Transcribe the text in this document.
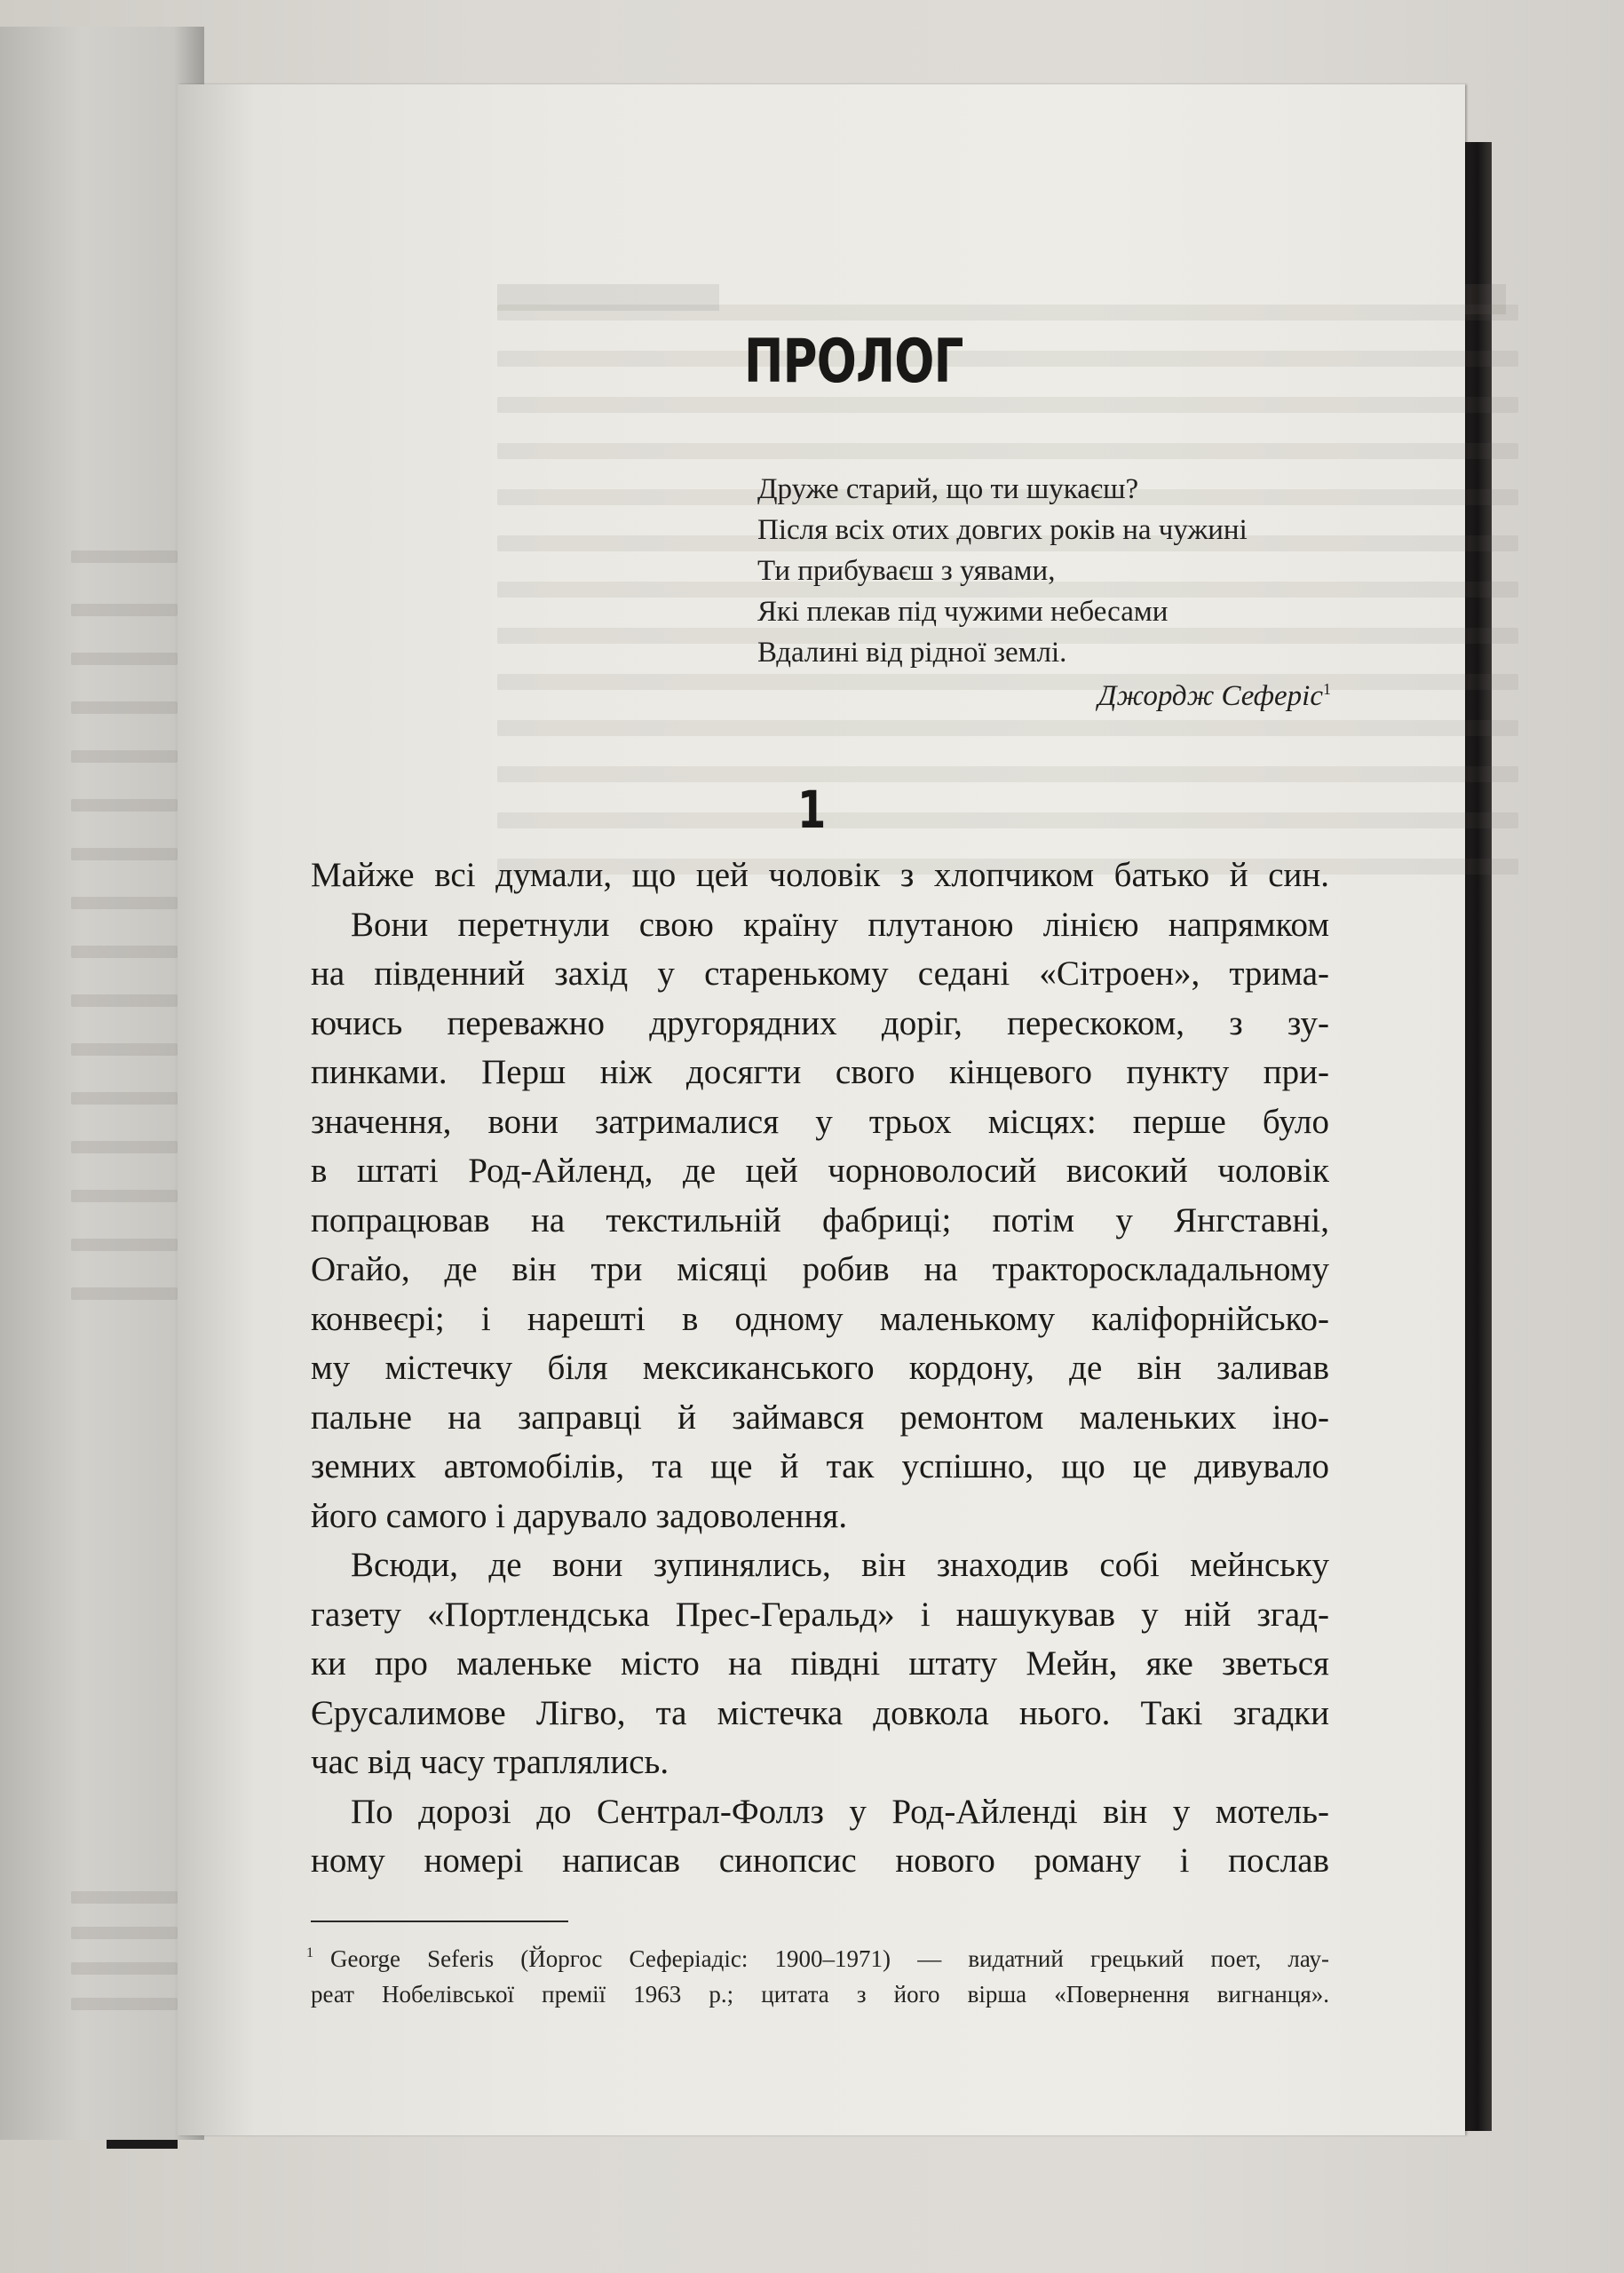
ПРОЛОГ
Друже старий, що ти шукаєш?
Після всіх отих довгих років на чужині
Ти прибуваєш з уявами,
Які плекав під чужими небесами
Вдалині від рідної землі.
Джордж Сеферіс$^1$
1
Майже всі думали, що цей чоловік з хлопчиком батько й син.
Вони перетнули свою країну плутаною лінією напрямком
на південний захід у старенькому седані «Сітроен», трима-
ючись переважно другорядних доріг, перескоком, з зу-
пинками. Перш ніж досягти свого кінцевого пункту при-
значення, вони затрималися у трьох місцях: перше було
в штаті Род-Айленд, де цей чорноволосий високий чоловік
попрацював на текстильній фабриці; потім у Янгставні,
Огайо, де він три місяці робив на тракторoскладальному
конвеєрі; і нарешті в одному маленькому каліфорнійсько-
му містечку біля мексиканського кордону, де він заливав
пальне на заправці й займався ремонтом маленьких іно-
земних автомобілів, та ще й так успішно, що це дивувало
його самого і дарувало задоволення.
Всюди, де вони зупинялись, він знаходив собі мейнську
газету «Портлендська Прес-Геральд» і нашукував у ній згад-
ки про маленьке місто на півдні штату Мейн, яке зветься
Єрусалимове Лігво, та містечка довкола нього. Такі згадки
час від часу траплялись.
По дорозі до Сентрал-Фоллз у Род-Айленді він у мотель-
ному номері написав синопсис нового роману і послав
1 George Seferis (Йоргос Сеферіадіс: 1900–1971) — видатний грецький поет, лау-
реат Нобелівської премії 1963 р.; цитата з його вірша «Повернення вигнанця».
